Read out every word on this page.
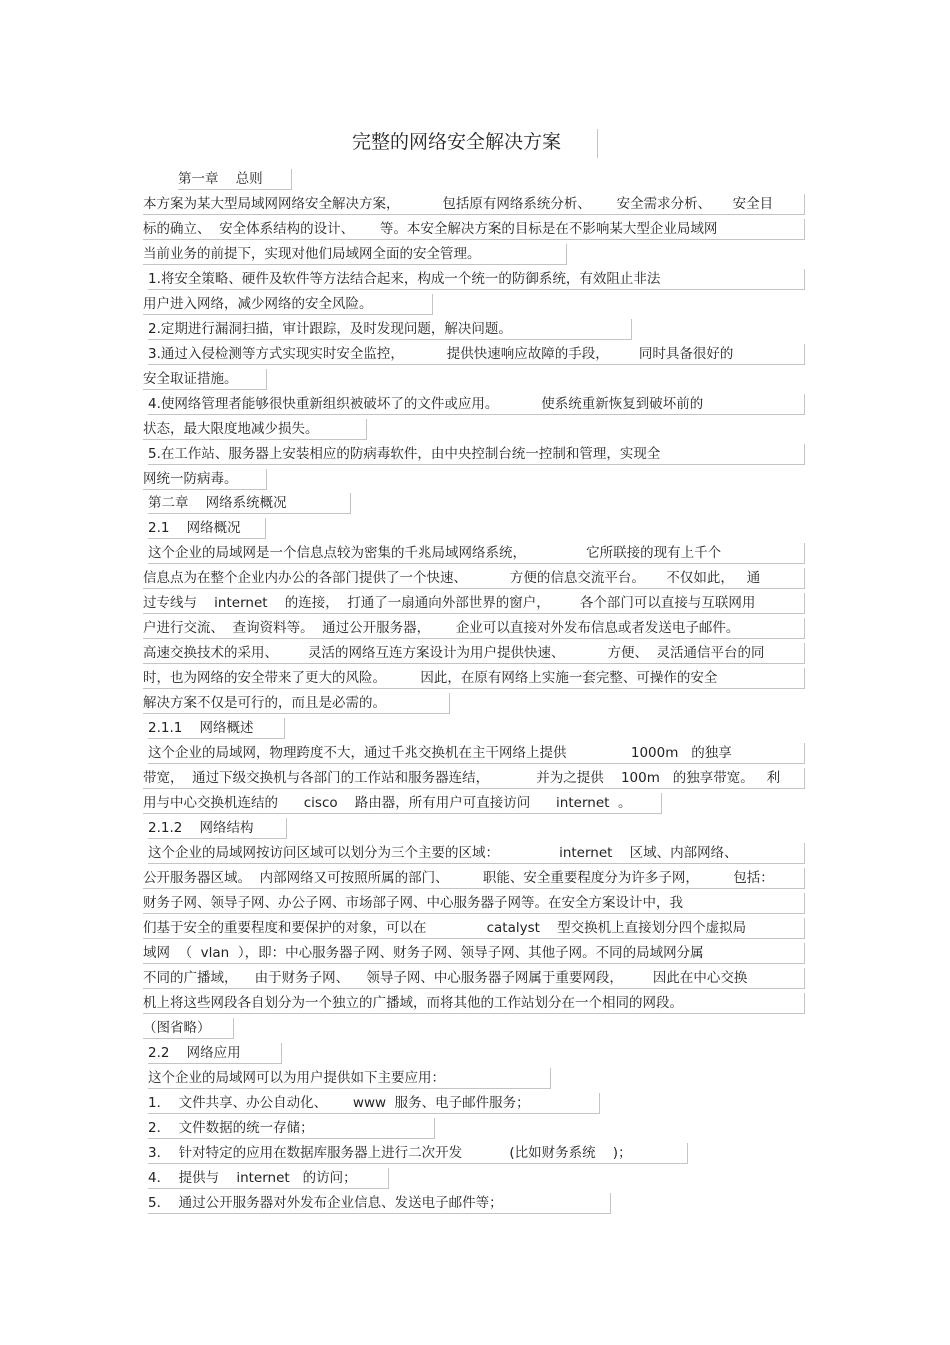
完整的网络安全解决方案
第一章    总则
本方案为某大型局域网网络安全解决方案，          包括原有网络系统分析、      安全需求分析、     安全目
标的确立、  安全体系结构的设计、      等。本安全解决方案的目标是在不影响某大型企业局域网
当前业务的前提下，实现对他们局域网全面的安全管理。
1.将安全策略、硬件及软件等方法结合起来，构成一个统一的防御系统，有效阻止非法
用户进入网络，减少网络的安全风险。
2.定期进行漏洞扫描，审计跟踪，及时发现问题，解决问题。
3.通过入侵检测等方式实现实时安全监控，          提供快速响应故障的手段，       同时具备很好的
安全取证措施。
4.使网络管理者能够很快重新组织被破坏了的文件或应用。          使系统重新恢复到破坏前的
状态，最大限度地减少损失。
5.在工作站、服务器上安装相应的防病毒软件，由中央控制台统一控制和管理，实现全
网统一防病毒。
第二章    网络系统概况
2.1    网络概况
这个企业的局域网是一个信息点较为密集的千兆局域网络系统，              它所联接的现有上千个
信息点为在整个企业内办公的各部门提供了一个快速、          方便的信息交流平台。     不仅如此，   通
过专线与    internet    的连接，  打通了一扇通向外部世界的窗户，       各个部门可以直接与互联网用
户进行交流、  查询资料等。  通过公开服务器，      企业可以直接对外发布信息或者发送电子邮件。
高速交换技术的采用、       灵活的网络互连方案设计为用户提供快速、          方便、  灵活通信平台的同
时，也为网络的安全带来了更大的风险。        因此，在原有网络上实施一套完整、可操作的安全
解决方案不仅是可行的，而且是必需的。
2.1.1    网络概述
这个企业的局域网，物理跨度不大，通过千兆交换机在主干网络上提供               1000m   的独享
带宽，  通过下级交换机与各部门的工作站和服务器连结，           并为之提供    100m   的独享带宽。   利
用与中心交换机连结的      cisco    路由器，所有用户可直接访问      internet  。
2.1.2    网络结构
这个企业的局域网按访问区域可以划分为三个主要的区域：              internet    区域、内部网络、
公开服务器区域。  内部网络又可按照所属的部门、        职能、安全重要程度分为许多子网，        包括：
财务子网、领导子网、办公子网、市场部子网、中心服务器子网等。在安全方案设计中，我
们基于安全的重要程度和要保护的对象，可以在              catalyst    型交换机上直接划分四个虚拟局
域网  （  vlan  ），即：中心服务器子网、财务子网、领导子网、其他子网。不同的局域网分属
不同的广播域，    由于财务子网、    领导子网、中心服务器子网属于重要网段，       因此在中心交换
机上将这些网段各自划分为一个独立的广播域，而将其他的工作站划分在一个相同的网段。
（图省略）
2.2    网络应用
这个企业的局域网可以为用户提供如下主要应用：
1．  文件共享、办公自动化、      www  服务、电子邮件服务；
2．  文件数据的统一存储；
3．  针对特定的应用在数据库服务器上进行二次开发           (比如财务系统    )；
4．  提供与    internet   的访问；
5．  通过公开服务器对外发布企业信息、发送电子邮件等；
